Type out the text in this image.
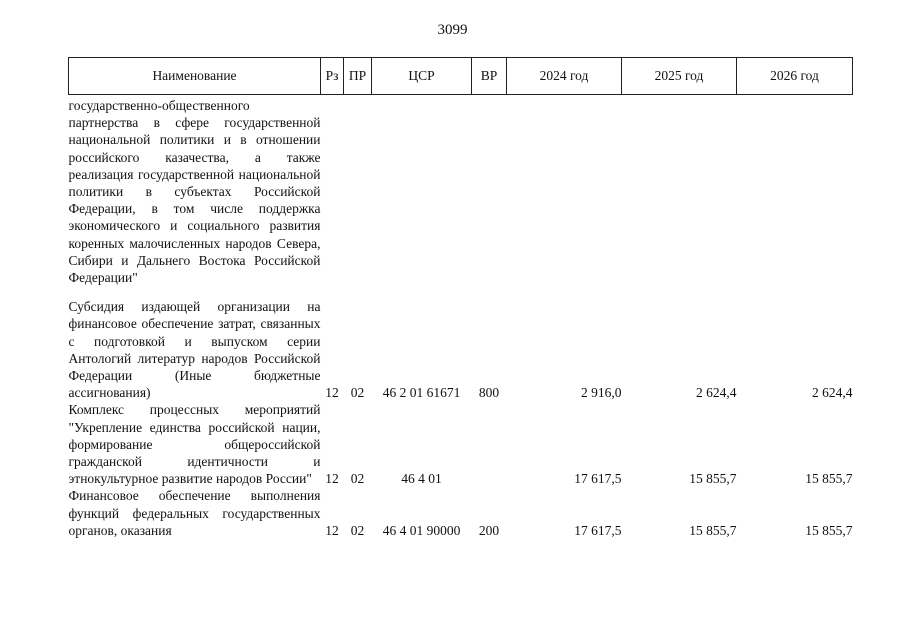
3099
Наименование	Рз	ПР	ЦСР	ВР	2024 год	2025 год	2026 год
государственно-общественного партнерства в сфере государственной национальной политики и в отношении российского казачества, а также реализация государственной национальной политики в субъектах Российской Федерации, в том числе поддержка экономического и социального развития коренных малочисленных народов Севера, Сибири и Дальнего Востока Российской Федерации"							
Субсидия издающей организации на финансовое обеспечение затрат, связанных с подготовкой и выпуском серии Антологий литератур народов Российской Федерации (Иные бюджетные ассигнования)	12	02	46 2 01 61671	800	2 916,0	2 624,4	2 624,4
Комплекс процессных мероприятий "Укрепление единства российской нации, формирование общероссийской гражданской идентичности и этнокультурное развитие народов России"	12	02	46 4 01		17 617,5	15 855,7	15 855,7
Финансовое обеспечение выполнения функций федеральных государственных органов, оказания	12	02	46 4 01 90000	200	17 617,5	15 855,7	15 855,7
